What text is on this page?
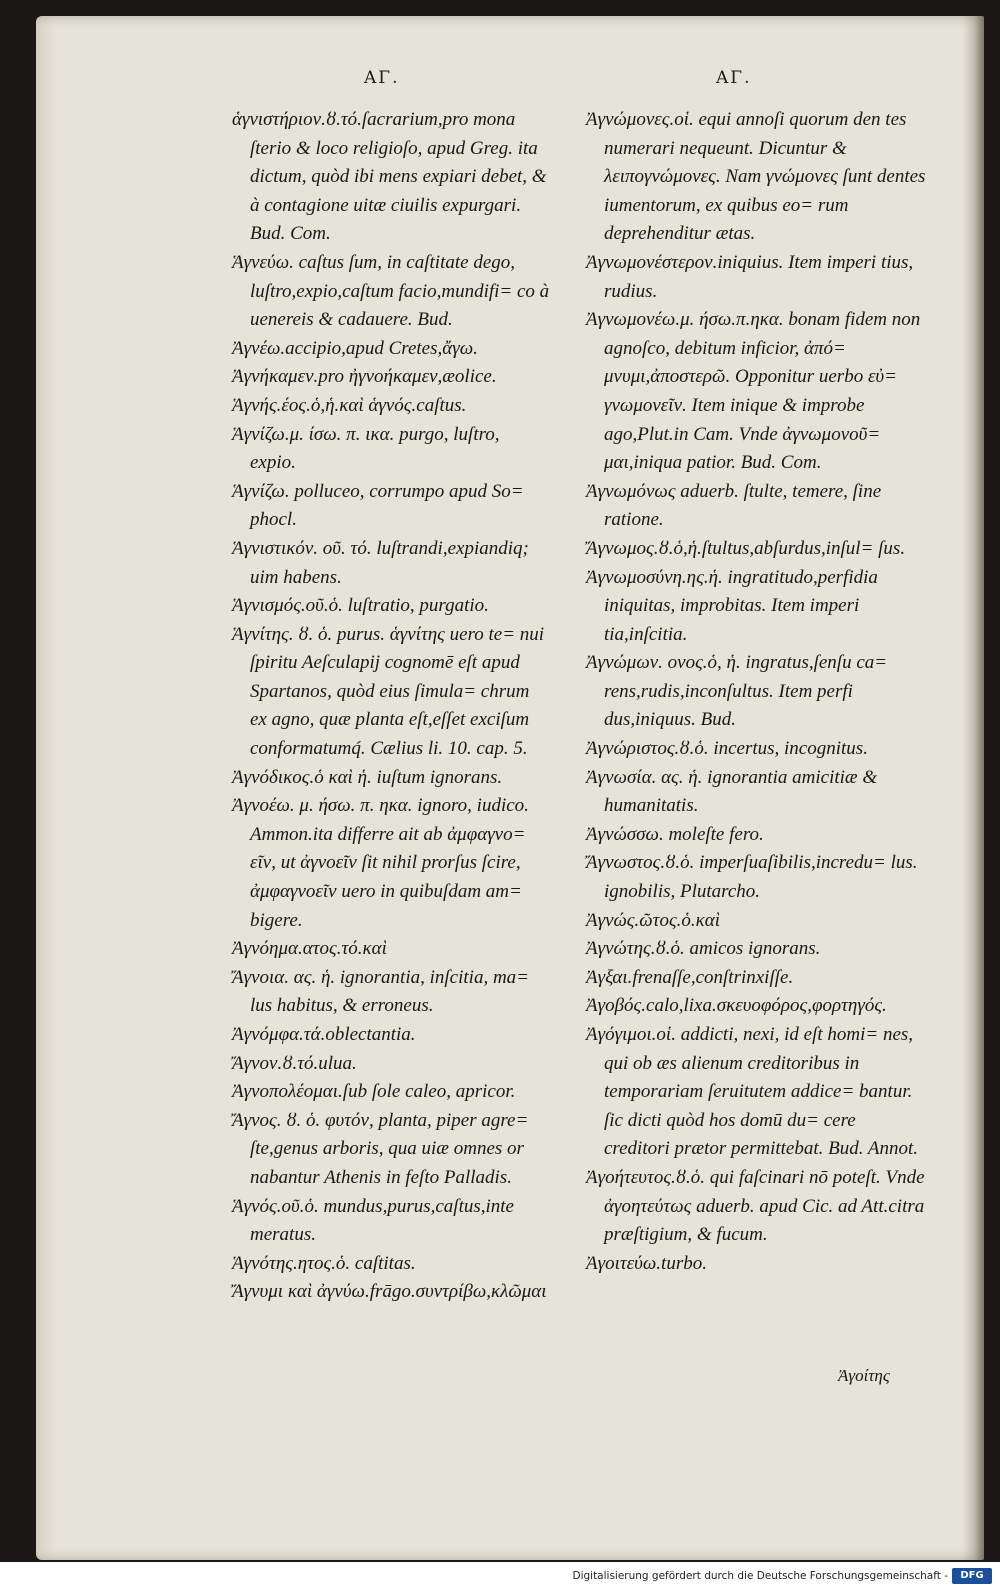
ΑΓ.	ΑΓ.

ἁγνιστήριον.ȣ.τό.ſacrarium,pro mona ſterio & loco religioſo, apud Greg. ita dictum, quòd ibi mens expiari debet, & à contagione uitæ ciuilis expurgari. Bud. Com.

Ἁγνεύω. caſtus ſum, in caſtitate dego, luſtro,expio,caſtum facio,mundifi= co à uenereis & cadauere. Bud.

Ἀγνέω.accipio,apud Cretes,ἄγω.

Ἀγνήκαμεν.pro ἠγνοήκαμεν,æolice.

Ἁγνής.έος.ὁ,ἡ.καὶ ἁγνός.caſtus.

Ἁγνίζω.μ. ίσω. π. ικα. purgo, luſtro, expio.

Ἁγνίζω. polluceo, corrumpo apud So= phocl.

Ἁγνιστικόν. οῦ. τό. luſtrandi,expiandiq; uim habens.

Ἁγνισμός.οῦ.ὁ. luſtratio, purgatio.

Ἁγνίτης. ȣ. ὁ. purus. ἁγνίτης uero te= nui ſpiritu Aeſculapij cognomē eſt apud Spartanos, quòd eius ſimula= chrum ex agno, quæ planta eſt,eſſet exciſum conformatumq́. Cælius li. 10. cap. 5.

Ἀγνόδικος.ὁ καὶ ἡ. iuſtum ignorans.

Ἀγνοέω. μ. ήσω. π. ηκα. ignoro, iudico. Ammon.ita differre ait ab ἀμφαγνο= εῖν, ut ἀγνοεῖν ſit nihil prorſus ſcire, ἀμφαγνοεῖν uero in quibuſdam am= bigere.

Ἀγνόημα.ατος.τό.καὶ

Ἄγνοια. ας. ἡ. ignorantia, inſcitia, ma= lus habitus, & erroneus.

Ἀγνόμφα.τά.oblectantia.

Ἄγνον.ȣ.τό.ulua.

Ἀγνοπολέομαι.ſub ſole caleo, apricor.

Ἄγνος. ȣ. ὁ. φυτόν, planta, piper agre= ſte,genus arboris, qua uiæ omnes or nabantur Athenis in feſto Palladis.

Ἁγνός.οῦ.ὁ. mundus,purus,caſtus,inte meratus.

Ἁγνότης.ητος.ὁ. caſtitas.

Ἄγνυμι καὶ ἀγνύω.frāgo.συντρίβω,κλῶμαι

Ἀγνώμονες.οἱ. equi annoſi quorum den tes numerari nequeunt. Dicuntur & λειπογνώμονες. Nam γνώμονες ſunt dentes iumentorum, ex quibus eo= rum deprehenditur ætas.

Ἀγνωμονέστερον.iniquius. Item imperi tius, rudius.

Ἀγνωμονέω.μ. ήσω.π.ηκα. bonam fidem non agnoſco, debitum inficior, ἀπό= μνυμι,ἀποστερῶ. Opponitur uerbo εὐ= γνωμονεῖν. Item inique & improbe ago,Plut.in Cam. Vnde ἀγνωμονοῦ= μαι,iniqua patior. Bud. Com.

Ἀγνωμόνως aduerb. ſtulte, temere, ſine ratione.

Ἄγνωμος.ȣ.ὁ,ἡ.ſtultus,abſurdus,inſul= ſus.

Ἀγνωμοσύνη.ης.ἡ. ingratitudo,perfidia iniquitas, improbitas. Item imperi tia,inſcitia.

Ἀγνώμων. ονος.ὁ, ἡ. ingratus,ſenſu ca= rens,rudis,inconſultus. Item perfi dus,iniquus. Bud.

Ἀγνώριστος.ȣ.ὁ. incertus, incognitus.

Ἀγνωσία. ας. ἡ. ignorantia amicitiæ & humanitatis.

Ἀγνώσσω. moleſte fero.

Ἄγνωστος.ȣ.ὁ. imperſuaſibilis,incredu= lus. ignobilis, Plutarcho.

Ἀγνώς.ῶτος.ὁ.καὶ

Ἀγνώτης.ȣ.ὁ. amicos ignorans.

Ἀγξαι.frenaſſe,conſtrinxiſſe.

Ἀγοβός.calo,lixa.σκευοφόρος,φορτηγός.

Ἀγόγιμοι.οἱ. addicti, nexi, id eſt homi= nes, qui ob æs alienum creditoribus in temporariam ſeruitutem addice= bantur. ſic dicti quòd hos domū du= cere creditori prætor permittebat. Bud. Annot.

Ἀγοήτευτος.ȣ.ὁ. qui faſcinari nō poteſt. Vnde ἀγοητεύτως aduerb. apud Cic. ad Att.citra præſtigium, & fucum.

Ἀγοιτεύω.turbo.

Ἀγοίτης
Digitalisierung gefördert durch die Deutsche Forschungsgemeinschaft -	DFG
